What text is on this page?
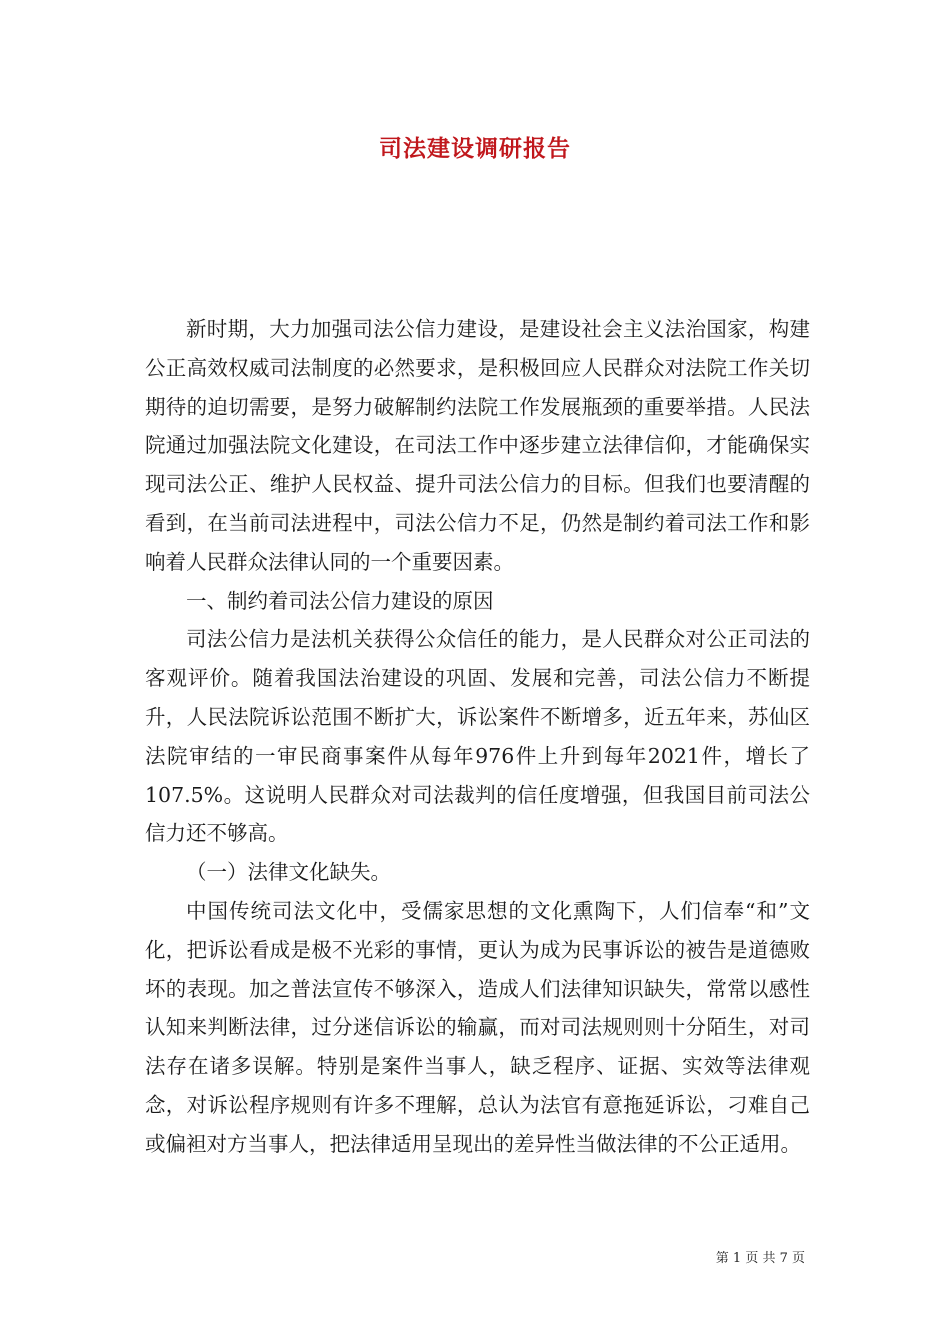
司法建设调研报告

新时期，大力加强司法公信力建设，是建设社会主义法治国家，构建公正高效权威司法制度的必然要求，是积极回应人民群众对法院工作关切期待的迫切需要，是努力破解制约法院工作发展瓶颈的重要举措。人民法院通过加强法院文化建设，在司法工作中逐步建立法律信仰，才能确保实现司法公正、维护人民权益、提升司法公信力的目标。但我们也要清醒的看到，在当前司法进程中，司法公信力不足，仍然是制约着司法工作和影响着人民群众法律认同的一个重要因素。

一、制约着司法公信力建设的原因

司法公信力是法机关获得公众信任的能力，是人民群众对公正司法的客观评价。随着我国法治建设的巩固、发展和完善，司法公信力不断提升，人民法院诉讼范围不断扩大，诉讼案件不断增多，近五年来，苏仙区法院审结的一审民商事案件从每年976件上升到每年2021件，增长了107.5%。这说明人民群众对司法裁判的信任度增强，但我国目前司法公信力还不够高。

（一）法律文化缺失。

中国传统司法文化中，受儒家思想的文化熏陶下，人们信奉“和”文化，把诉讼看成是极不光彩的事情，更认为成为民事诉讼的被告是道德败坏的表现。加之普法宣传不够深入，造成人们法律知识缺失，常常以感性认知来判断法律，过分迷信诉讼的输赢，而对司法规则则十分陌生，对司法存在诸多误解。特别是案件当事人，缺乏程序、证据、实效等法律观念，对诉讼程序规则有许多不理解，总认为法官有意拖延诉讼，刁难自己或偏袒对方当事人，把法律适用呈现出的差异性当做法律的不公正适用。

第 1 页 共 7 页
